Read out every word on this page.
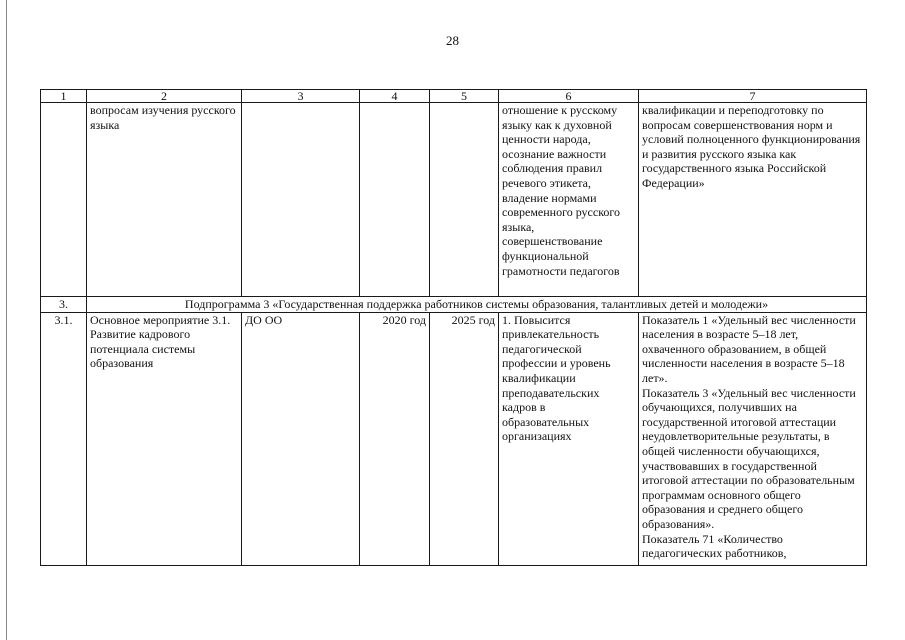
28
1	2	3	4	5	6	7
	вопросам изучения русского языка				отношение к русскому языку как к духовной ценности народа, осознание важности соблюдения правил речевого этикета, владение нормами современного русского языка, совершенствование функциональной грамотности педагогов	квалификации и переподготовку по вопросам совершенствования норм и условий полноценного функционирования и развития русского языка как государственного языка Российской Федерации»
3.	Подпрограмма 3 «Государственная поддержка работников системы образования, талантливых детей и молодежи»					
3.1.	Основное мероприятие 3.1. Развитие кадрового потенциала системы образования	ДО ОО	2020 год	2025 год	1. Повысится привлекательность педагогической профессии и уровень квалификации преподавательских кадров в образовательных организациях	Показатель 1 «Удельный вес численности населения в возрасте 5–18 лет, охваченного образованием, в общей численности населения в возрасте 5–18 лет».
Показатель 3 «Удельный вес численности обучающихся, получивших на государственной итоговой аттестации неудовлетворительные результаты, в общей численности обучающихся, участвовавших в государственной итоговой аттестации по образовательным программам основного общего образования и среднего общего образования».
Показатель 71 «Количество педагогических работников,
